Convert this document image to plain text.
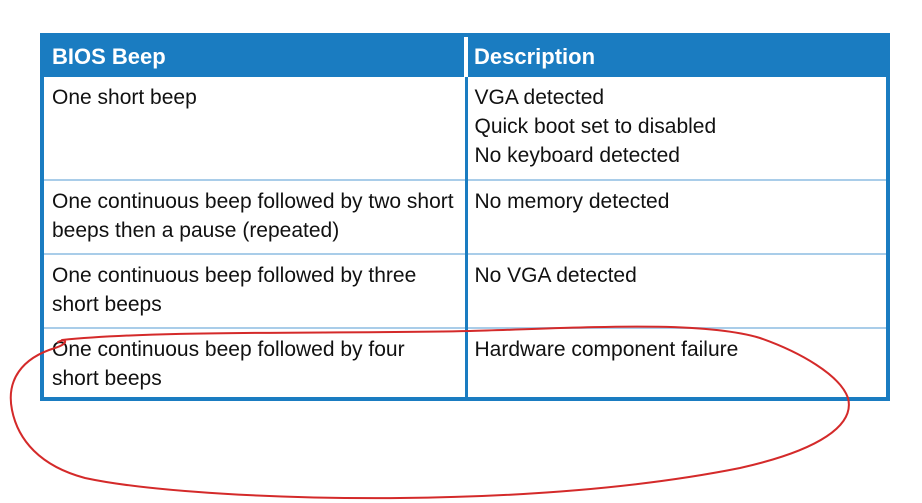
BIOS Beep	Description
One short beep	VGA detected
Quick boot set to disabled
No keyboard detected

One continuous beep followed by two short beeps then a pause (repeated)	No memory detected

One continuous beep followed by three short beeps	No VGA detected

One continuous beep followed by four short beeps	Hardware component failure
